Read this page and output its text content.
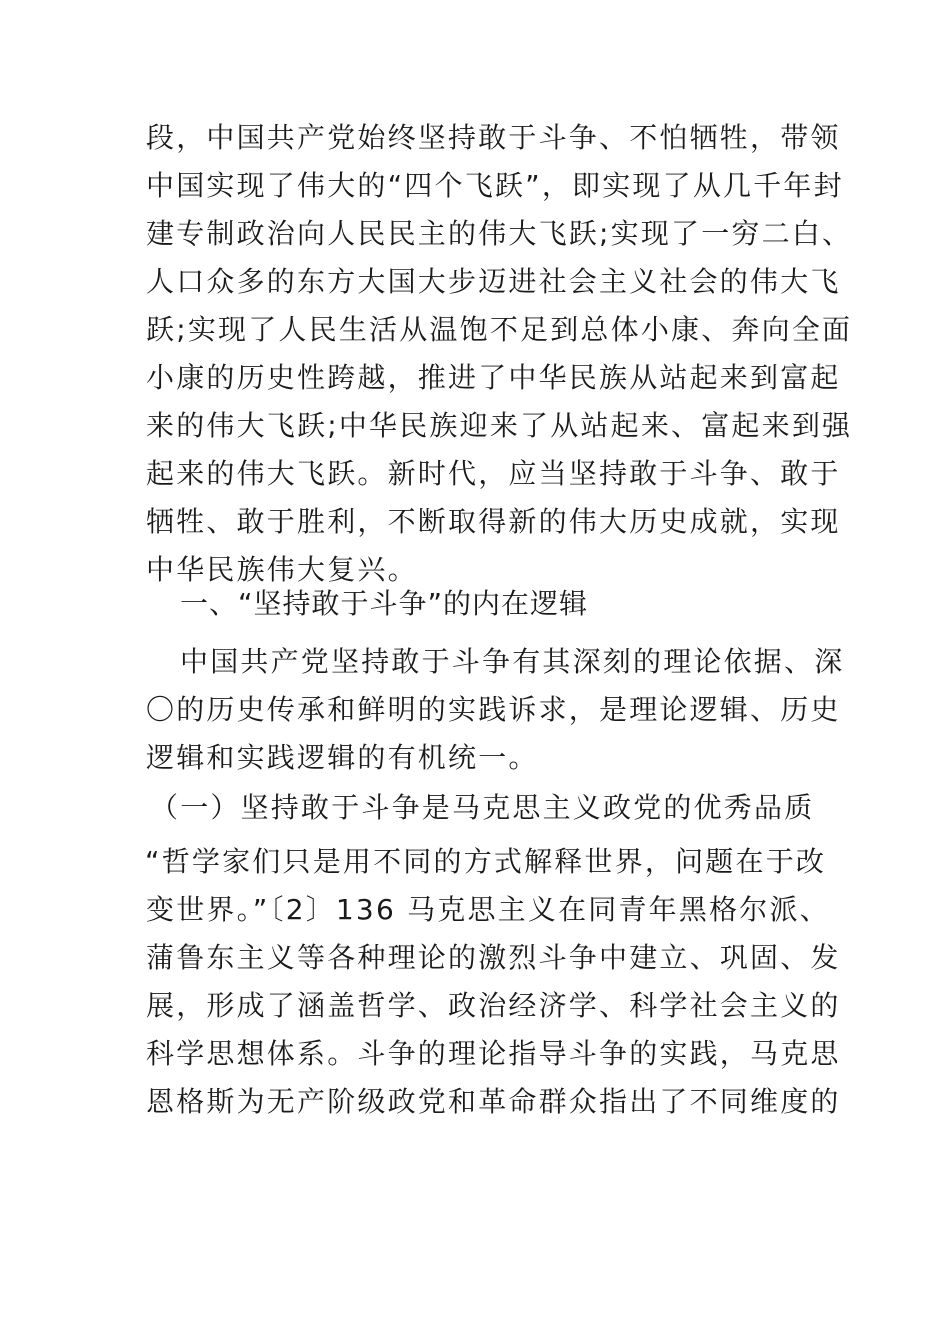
段，中国共产党始终坚持敢于斗争、不怕牺牲，带领
中国实现了伟大的“四个飞跃”，即实现了从几千年封
建专制政治向人民民主的伟大飞跃;实现了一穷二白、
人口众多的东方大国大步迈进社会主义社会的伟大飞
跃;实现了人民生活从温饱不足到总体小康、奔向全面
小康的历史性跨越，推进了中华民族从站起来到富起
来的伟大飞跃;中华民族迎来了从站起来、富起来到强
起来的伟大飞跃。新时代，应当坚持敢于斗争、敢于
牺牲、敢于胜利，不断取得新的伟大历史成就，实现
中华民族伟大复兴。
一、“坚持敢于斗争”的内在逻辑
中国共产党坚持敢于斗争有其深刻的理论依据、深
〇的历史传承和鲜明的实践诉求，是理论逻辑、历史
逻辑和实践逻辑的有机统一。
（一）坚持敢于斗争是马克思主义政党的优秀品质
“哲学家们只是用不同的方式解释世界，问题在于改
变世界。”〔2〕136 马克思主义在同青年黑格尔派、
蒲鲁东主义等各种理论的激烈斗争中建立、巩固、发
展，形成了涵盖哲学、政治经济学、科学社会主义的
科学思想体系。斗争的理论指导斗争的实践，马克思
恩格斯为无产阶级政党和革命群众指出了不同维度的
